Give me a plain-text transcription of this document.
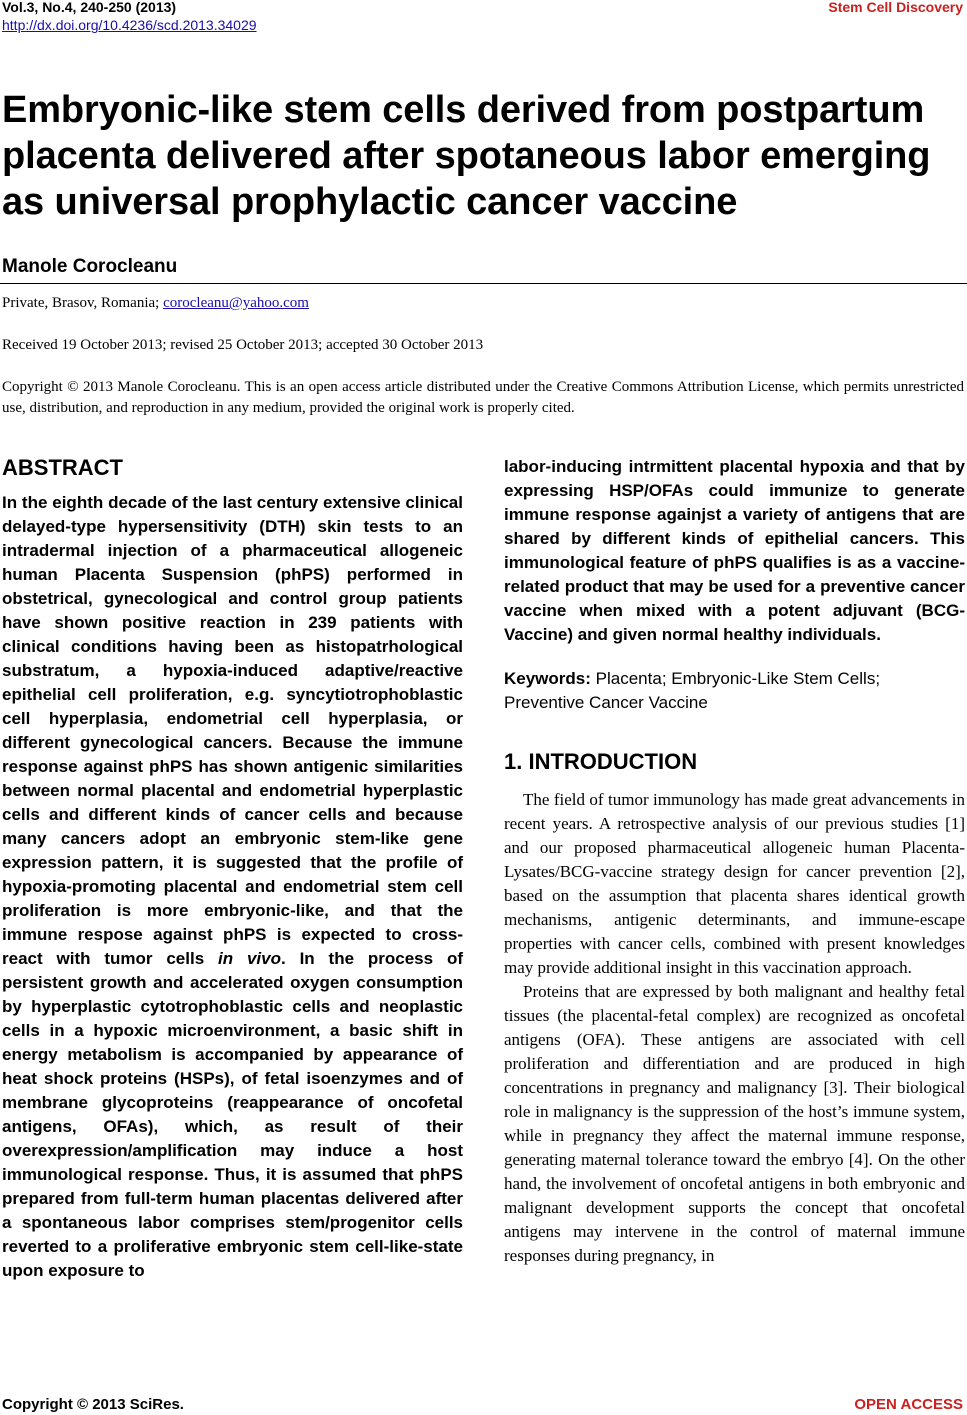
Vol.3, No.4, 240-250 (2013)
http://dx.doi.org/10.4236/scd.2013.34029
Stem Cell Discovery
Embryonic-like stem cells derived from postpartum placenta delivered after spotaneous labor emerging as universal prophylactic cancer vaccine
Manole Corocleanu
Private, Brasov, Romania; corocleanu@yahoo.com
Received 19 October 2013; revised 25 October 2013; accepted 30 October 2013
Copyright © 2013 Manole Corocleanu. This is an open access article distributed under the Creative Commons Attribution License, which permits unrestricted use, distribution, and reproduction in any medium, provided the original work is properly cited.
ABSTRACT

In the eighth decade of the last century extensive clinical delayed-type hypersensitivity (DTH) skin tests to an intradermal injection of a pharmaceutical allogeneic human Placenta Suspension (phPS) performed in obstetrical, gynecological and control group patients have shown positive reaction in 239 patients with clinical conditions having been as histopatrhological substratum, a hypoxia-induced adaptive/reactive epithelial cell proliferation, e.g. syncytiotrophoblastic cell hyperplasia, endometrial cell hyperplasia, or different gynecological cancers. Because the immune response against phPS has shown antigenic similarities between normal placental and endometrial hyperplastic cells and different kinds of cancer cells and because many cancers adopt an embryonic stem-like gene expression pattern, it is suggested that the profile of hypoxia-promoting placental and endometrial stem cell proliferation is more embryonic-like, and that the immune respose against phPS is expected to cross-react with tumor cells in vivo. In the process of persistent growth and accelerated oxygen consumption by hyperplastic cytotrophoblastic cells and neoplastic cells in a hypoxic microenvironment, a basic shift in energy metabolism is accompanied by appearance of heat shock proteins (HSPs), of fetal isoenzymes and of membrane glycoproteins (reappearance of oncofetal antigens, OFAs), which, as result of their overexpression/amplification may induce a host immunological response. Thus, it is assumed that phPS prepared from full-term human placentas delivered after a spontaneous labor comprises stem/progenitor cells reverted to a proliferative embryonic stem cell-like-state upon exposure to

labor-inducing intrmittent placental hypoxia and that by expressing HSP/OFAs could immunize to generate immune response againjst a variety of antigens that are shared by different kinds of epithelial cancers. This immunological feature of phPS qualifies is as a vaccine-related product that may be used for a preventive cancer vaccine when mixed with a potent adjuvant (BCG-Vaccine) and given normal healthy individuals.

Keywords: Placenta; Embryonic-Like Stem Cells; Preventive Cancer Vaccine
1. INTRODUCTION

The field of tumor immunology has made great advancements in recent years. A retrospective analysis of our previous studies [1] and our proposed pharmaceutical allogeneic human Placenta-Lysates/BCG-vaccine strategy design for cancer prevention [2], based on the assumption that placenta shares identical growth mechanisms, antigenic determinants, and immune-escape properties with cancer cells, combined with present knowledges may provide additional insight in this vaccination approach.

Proteins that are expressed by both malignant and healthy fetal tissues (the placental-fetal complex) are recognized as oncofetal antigens (OFA). These antigens are associated with cell proliferation and differentiation and are produced in high concentrations in pregnancy and malignancy [3]. Their biological role in malignancy is the suppression of the host’s immune system, while in pregnancy they affect the maternal immune response, generating maternal tolerance toward the embryo [4]. On the other hand, the involvement of oncofetal antigens in both embryonic and malignant development supports the concept that oncofetal antigens may intervene in the control of maternal immune responses during pregnancy, in

Copyright © 2013 SciRes.	OPEN ACCESS
